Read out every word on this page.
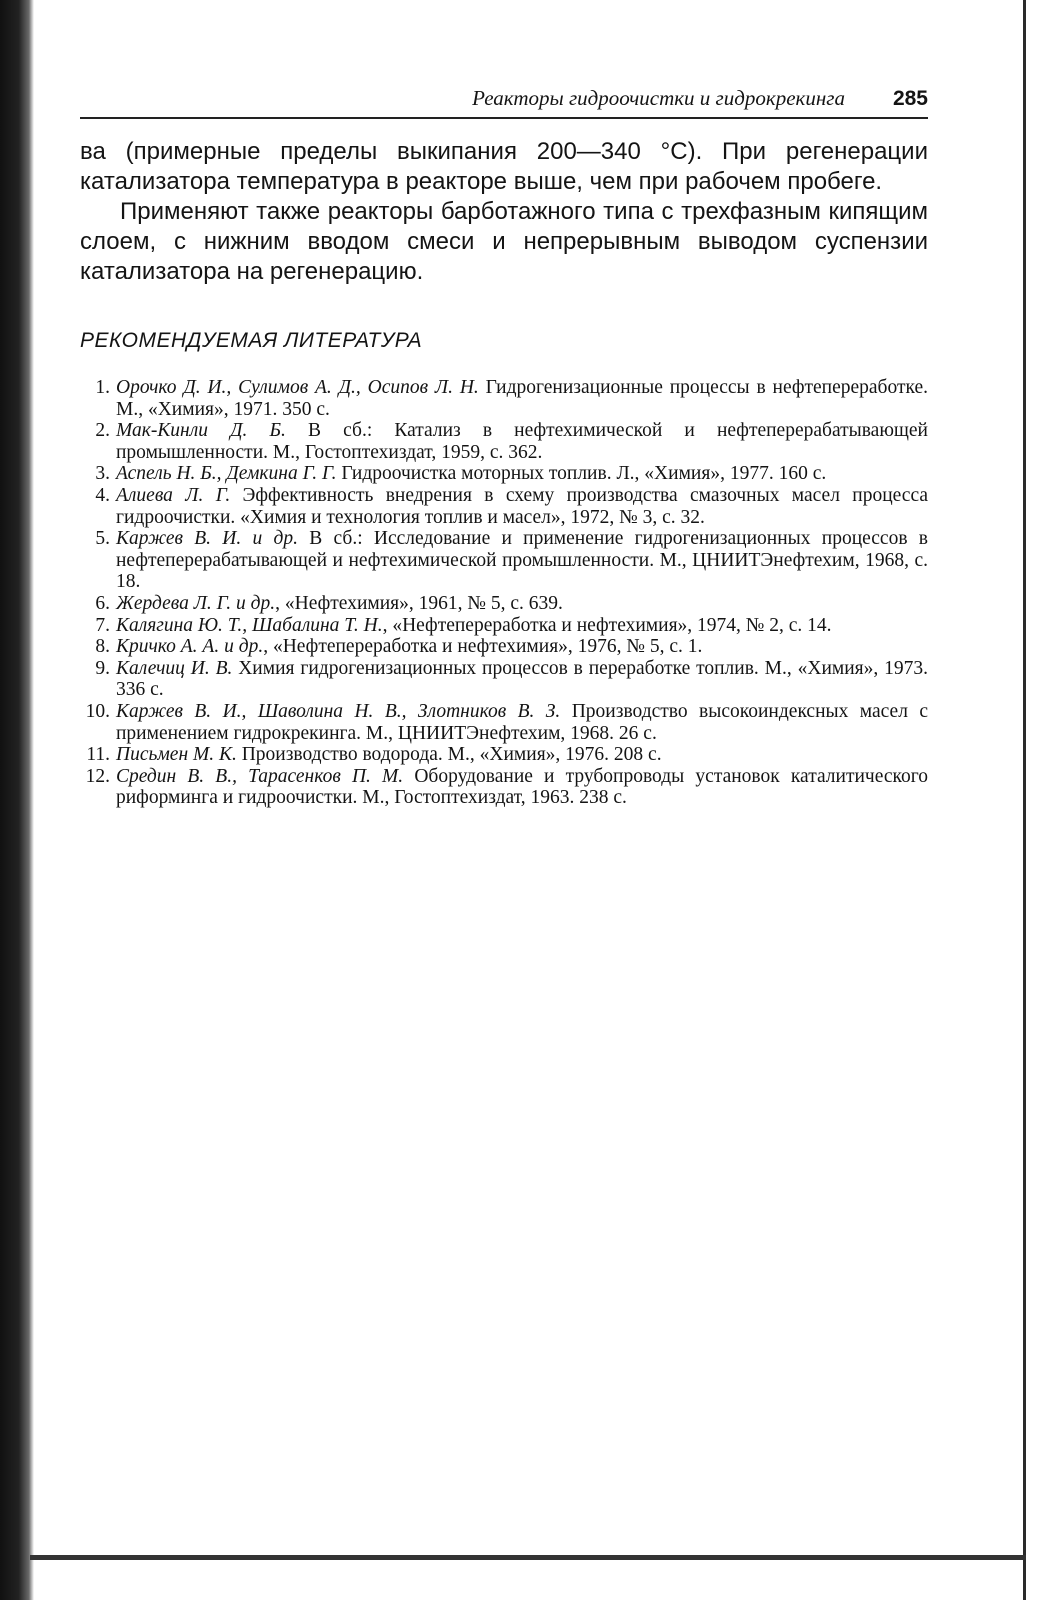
Реакторы гидроочистки и гидрокрекинга 285

ва (примерные пределы выкипания 200—340 °C). При регенерации катализатора температура в реакторе выше, чем при рабочем пробеге.

Применяют также реакторы барботажного типа с трехфазным кипящим слоем, с нижним вводом смеси и непрерывным выводом суспензии катализатора на регенерацию.

РЕКОМЕНДУЕМАЯ ЛИТЕРАТУРА
1. Орочко Д. И., Сулимов А. Д., Осипов Л. Н. Гидрогенизационные процессы в нефтепереработке. М., «Химия», 1971. 350 с.
2. Мак-Кинли Д. Б. В сб.: Катализ в нефтехимической и нефтеперерабатывающей промышленности. М., Гостоптехиздат, 1959, с. 362.
3. Аспель Н. Б., Демкина Г. Г. Гидроочистка моторных топлив. Л., «Химия», 1977. 160 с.
4. Алиева Л. Г. Эффективность внедрения в схему производства смазочных масел процесса гидроочистки. «Химия и технология топлив и масел», 1972, № 3, с. 32.
5. Каржев В. И. и др. В сб.: Исследование и применение гидрогенизационных процессов в нефтеперерабатывающей и нефтехимической промышленности. М., ЦНИИТЭнефтехим, 1968, с. 18.
6. Жердева Л. Г. и др., «Нефтехимия», 1961, № 5, с. 639.
7. Калягина Ю. Т., Шабалина Т. Н., «Нефтепереработка и нефтехимия», 1974, № 2, с. 14.
8. Кричко А. А. и др., «Нефтепереработка и нефтехимия», 1976, № 5, с. 1.
9. Калечиц И. В. Химия гидрогенизационных процессов в переработке топлив. М., «Химия», 1973. 336 с.
10. Каржев В. И., Шаволина Н. В., Злотников В. З. Производство высокоиндексных масел с применением гидрокрекинга. М., ЦНИИТЭнефтехим, 1968. 26 с.
11. Письмен М. К. Производство водорода. М., «Химия», 1976. 208 с.
12. Средин В. В., Тарасенков П. М. Оборудование и трубопроводы установок каталитического риформинга и гидроочистки. М., Гостоптехиздат, 1963. 238 с.
